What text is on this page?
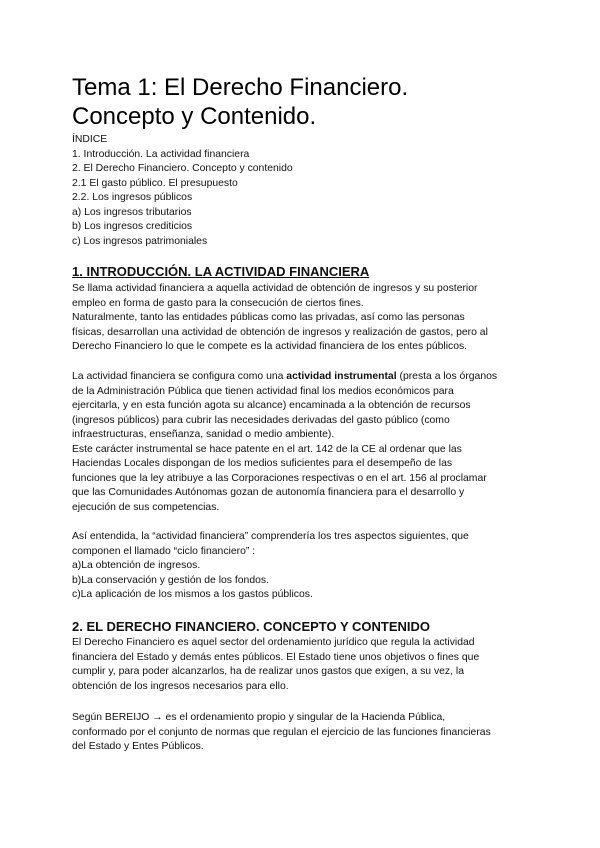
Tema 1: El Derecho Financiero.
Concepto y Contenido.
ÍNDICE
1. Introducción. La actividad financiera
2. El Derecho Financiero. Concepto y contenido
2.1 El gasto público. El presupuesto
2.2. Los ingresos públicos
a) Los ingresos tributarios
b) Los ingresos crediticios
c) Los ingresos patrimoniales
1. INTRODUCCIÓN. LA ACTIVIDAD FINANCIERA
Se llama actividad financiera a aquella actividad de obtención de ingresos y su posterior
empleo en forma de gasto para la consecución de ciertos fines.
Naturalmente, tanto las entidades públicas como las privadas, así como las personas
físicas, desarrollan una actividad de obtención de ingresos y realización de gastos, pero al
Derecho Financiero lo que le compete es la actividad financiera de los entes públicos.
La actividad financiera se configura como una actividad instrumental (presta a los órganos
de la Administración Pública que tienen actividad final los medios económicos para
ejercitarla, y en esta función agota su alcance) encaminada a la obtención de recursos
(ingresos públicos) para cubrir las necesidades derivadas del gasto público (como
infraestructuras, enseñanza, sanidad o medio ambiente).
Este carácter instrumental se hace patente en el art. 142 de la CE al ordenar que las
Haciendas Locales dispongan de los medios suficientes para el desempeño de las
funciones que la ley atribuye a las Corporaciones respectivas o en el art. 156 al proclamar
que las Comunidades Autónomas gozan de autonomía financiera para el desarrollo y
ejecución de sus competencias.
Así entendida, la “actividad financiera” comprendería los tres aspectos siguientes, que
componen el llamado “ciclo financiero” :
a)La obtención de ingresos.
b)La conservación y gestión de los fondos.
c)La aplicación de los mismos a los gastos públicos.
2. EL DERECHO FINANCIERO. CONCEPTO Y CONTENIDO
El Derecho Financiero es aquel sector del ordenamiento jurídico que regula la actividad
financiera del Estado y demás entes públicos. El Estado tiene unos objetivos o fines que
cumplir y, para poder alcanzarlos, ha de realizar unos gastos que exigen, a su vez, la
obtención de los ingresos necesarios para ello.
Según BEREIJO → es el ordenamiento propio y singular de la Hacienda Pública,
conformado por el conjunto de normas que regulan el ejercicio de las funciones financieras
del Estado y Entes Públicos.
